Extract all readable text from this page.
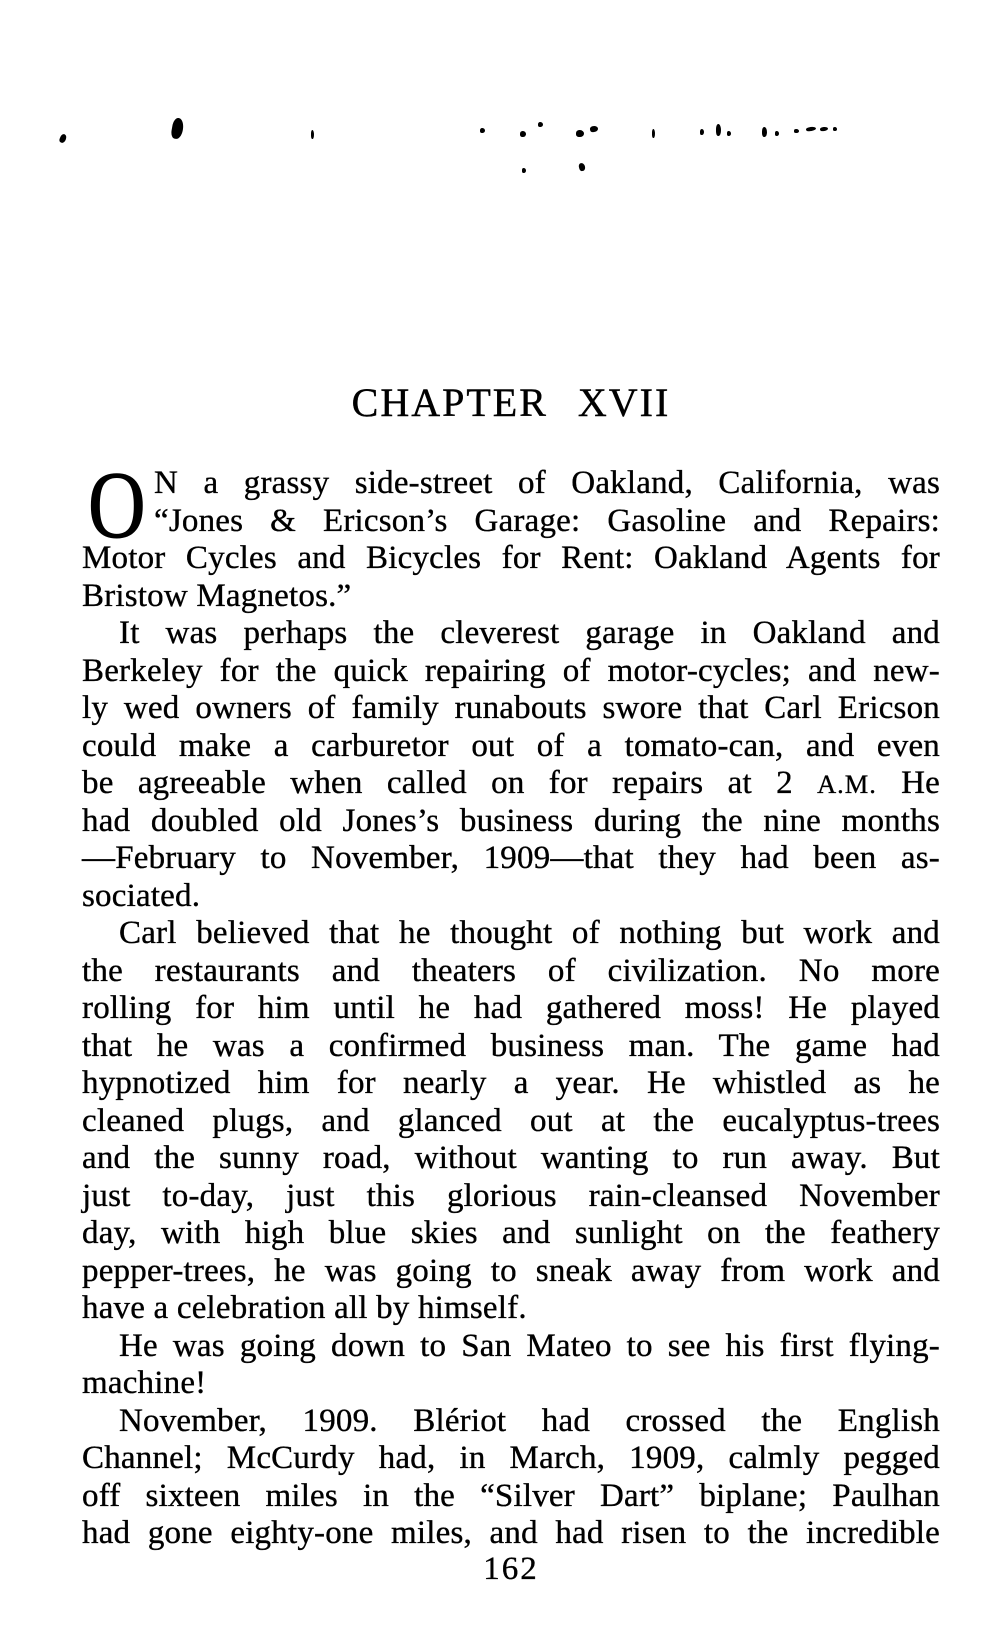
CHAPTER XVII
O N a grassy side-street of Oakland, California, was
“Jones & Ericson’s Garage: Gasoline and Repairs:
Motor Cycles and Bicycles for Rent: Oakland Agents for
Bristow Magnetos.”
It was perhaps the cleverest garage in Oakland and
Berkeley for the quick repairing of motor-cycles; and new-
ly wed owners of family runabouts swore that Carl Ericson
could make a carburetor out of a tomato-can, and even
be agreeable when called on for repairs at 2 A.M. He
had doubled old Jones’s business during the nine months
—February to November, 1909—that they had been as-
sociated.
Carl believed that he thought of nothing but work and
the restaurants and theaters of civilization. No more
rolling for him until he had gathered moss! He played
that he was a confirmed business man. The game had
hypnotized him for nearly a year. He whistled as he
cleaned plugs, and glanced out at the eucalyptus-trees
and the sunny road, without wanting to run away. But
just to-day, just this glorious rain-cleansed November
day, with high blue skies and sunlight on the feathery
pepper-trees, he was going to sneak away from work and
have a celebration all by himself.
He was going down to San Mateo to see his first flying-
machine!
November, 1909. Blériot had crossed the English
Channel; McCurdy had, in March, 1909, calmly pegged
off sixteen miles in the “Silver Dart” biplane; Paulhan
had gone eighty-one miles, and had risen to the incredible
162
